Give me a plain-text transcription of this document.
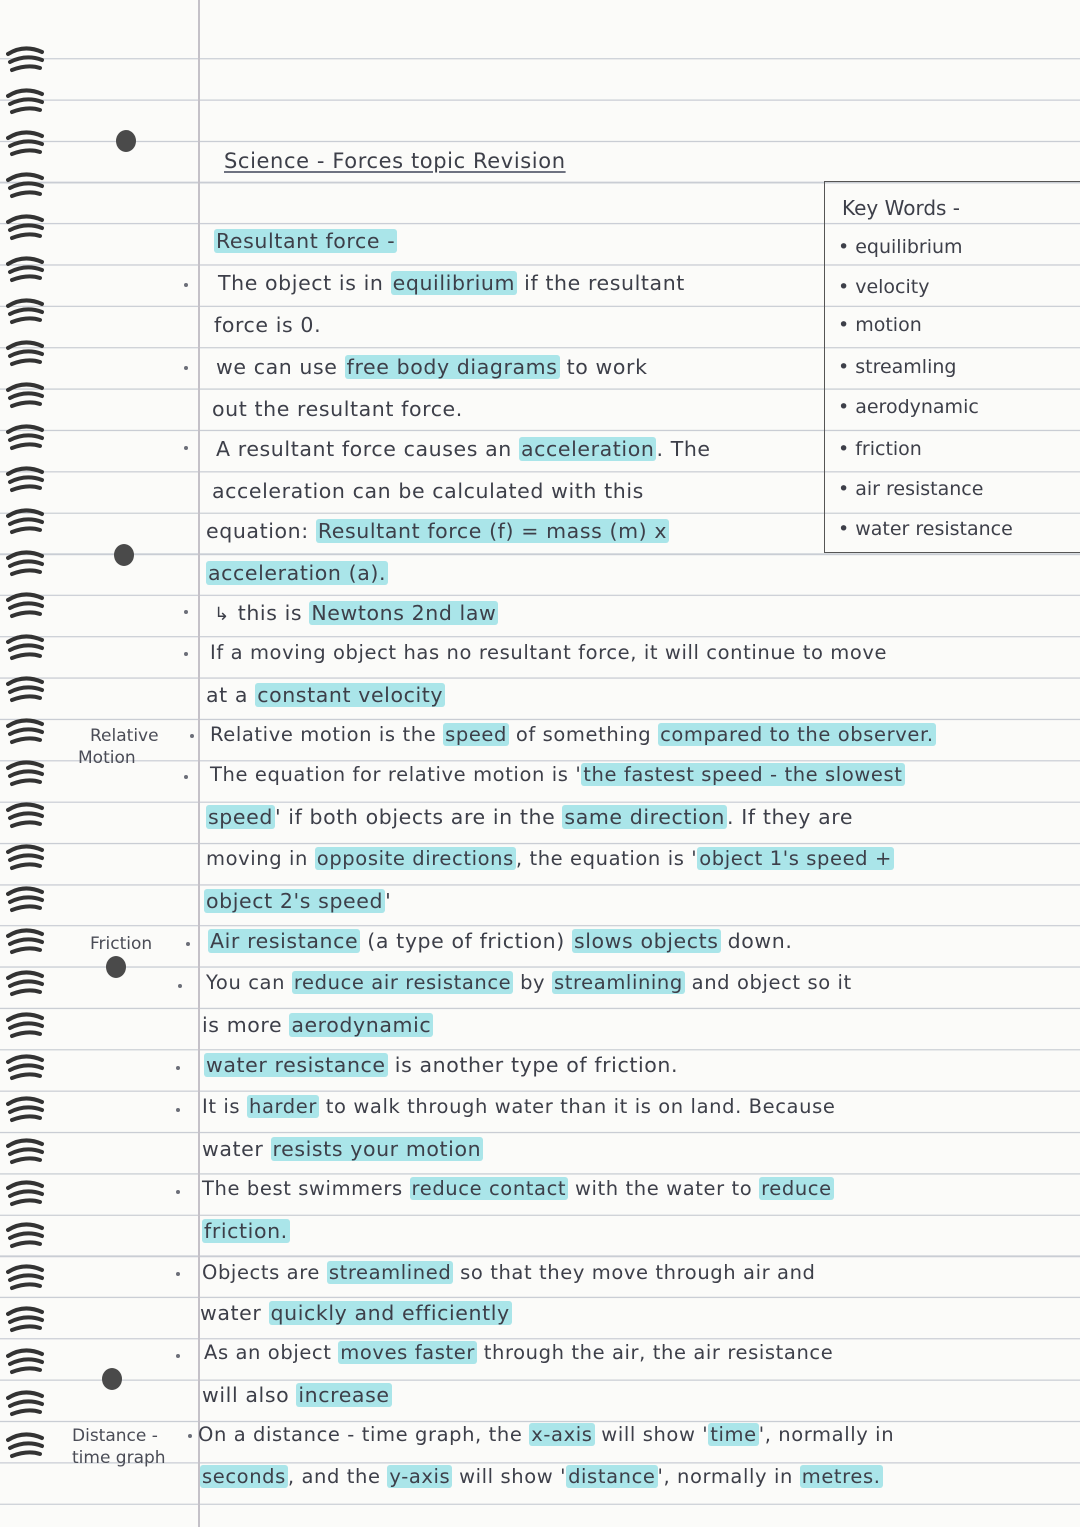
Science - Forces topic Revision
Key Words -
• equilibrium
• velocity
• motion
• streamling
• aerodynamic
• friction
• air resistance
• water resistance
Relative
Motion
Friction
Distance -
time graph
Resultant force -
The object is in equilibrium if the resultant
force is 0.
we can use free body diagrams to work
out the resultant force.
A resultant force causes an acceleration. The
acceleration can be calculated with this
equation: Resultant force (f) = mass (m) x
acceleration (a).
↳ this is Newtons 2nd law
If a moving object has no resultant force, it will continue to move
at a constant velocity
Relative motion is the speed of something compared to the observer.
The equation for relative motion is ' the fastest speed - the slowest
speed' if both objects are in the same direction. If they are
moving in opposite directions , the equation is ' object 1's speed +
object 2's speed'
Air resistance (a type of friction) slows objects down.
You can reduce air resistance by streamlining and object so it
is more aerodynamic
water resistance is another type of friction.
It is harder to walk through water than it is on land. Because
water resists your motion
The best swimmers reduce contact with the water to reduce
friction.
Objects are streamlined so that they move through air and
water quickly and efficiently
As an object moves faster through the air, the air resistance
will also increase
On a distance - time graph, the x-axis will show ' time ', normally in
seconds , and the y-axis will show ' distance ', normally in metres.
